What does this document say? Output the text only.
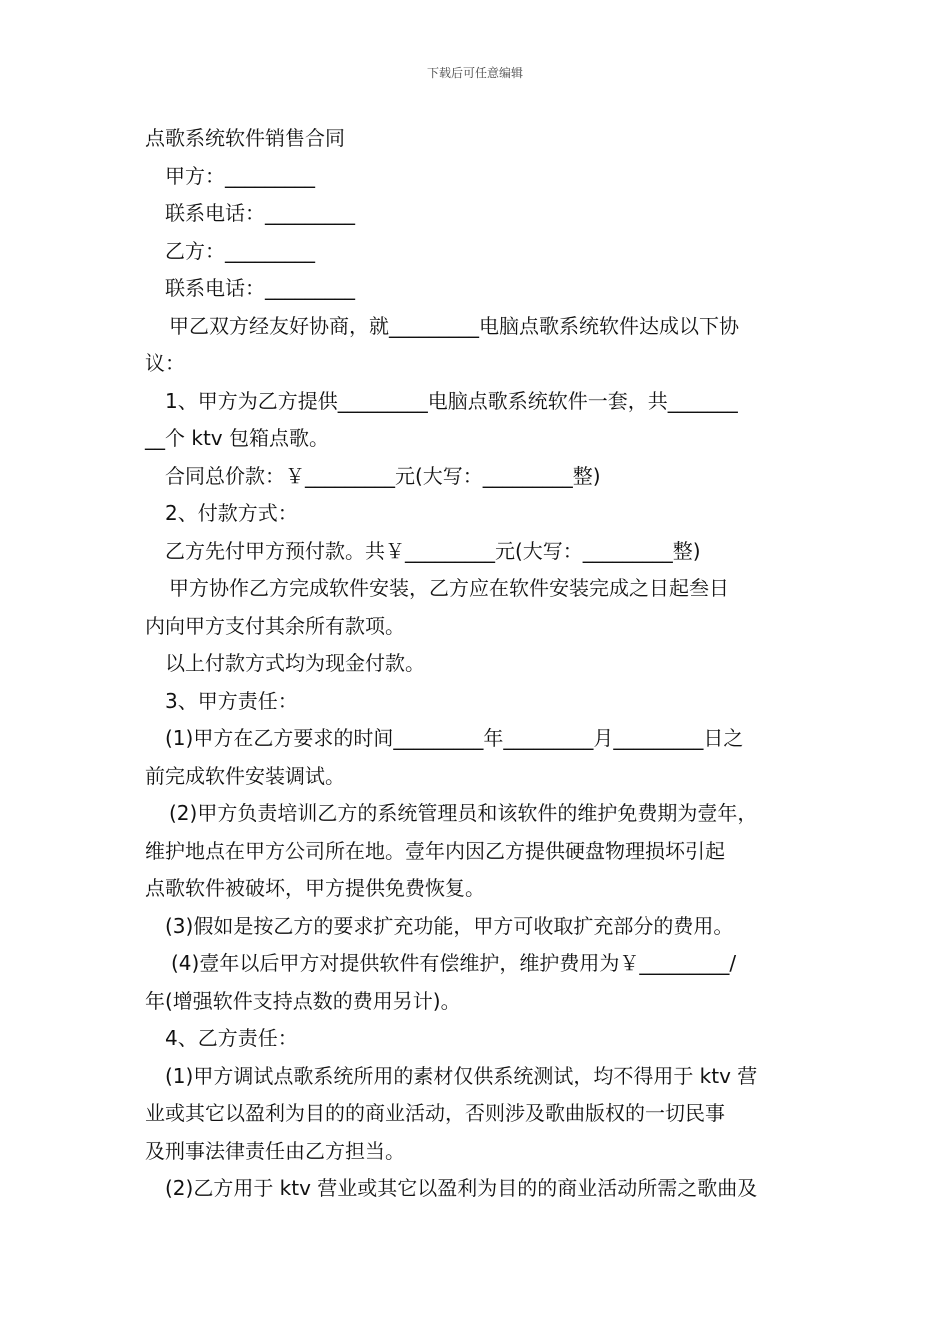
下载后可任意编辑
点歌系统软件销售合同
甲方：_________
联系电话：_________
乙方：_________
联系电话：_________
甲乙双方经友好协商，就_________电脑点歌系统软件达成以下协
议：
1、甲方为乙方提供_________电脑点歌系统软件一套，共_______
__个 ktv 包箱点歌。
合同总价款：￥_________元(大写：_________整)
2、付款方式：
乙方先付甲方预付款。共￥_________元(大写：_________整)
甲方协作乙方完成软件安装，乙方应在软件安装完成之日起叁日
内向甲方支付其余所有款项。
以上付款方式均为现金付款。
3、甲方责任：
(1)甲方在乙方要求的时间_________年_________月_________日之
前完成软件安装调试。
(2)甲方负责培训乙方的系统管理员和该软件的维护免费期为壹年，
维护地点在甲方公司所在地。壹年内因乙方提供硬盘物理损坏引起
点歌软件被破坏，甲方提供免费恢复。
(3)假如是按乙方的要求扩充功能，甲方可收取扩充部分的费用。
(4)壹年以后甲方对提供软件有偿维护，维护费用为￥_________/
年(增强软件支持点数的费用另计)。
4、乙方责任：
(1)甲方调试点歌系统所用的素材仅供系统测试，均不得用于 ktv 营
业或其它以盈利为目的的商业活动，否则涉及歌曲版权的一切民事
及刑事法律责任由乙方担当。
(2)乙方用于 ktv 营业或其它以盈利为目的的商业活动所需之歌曲及
